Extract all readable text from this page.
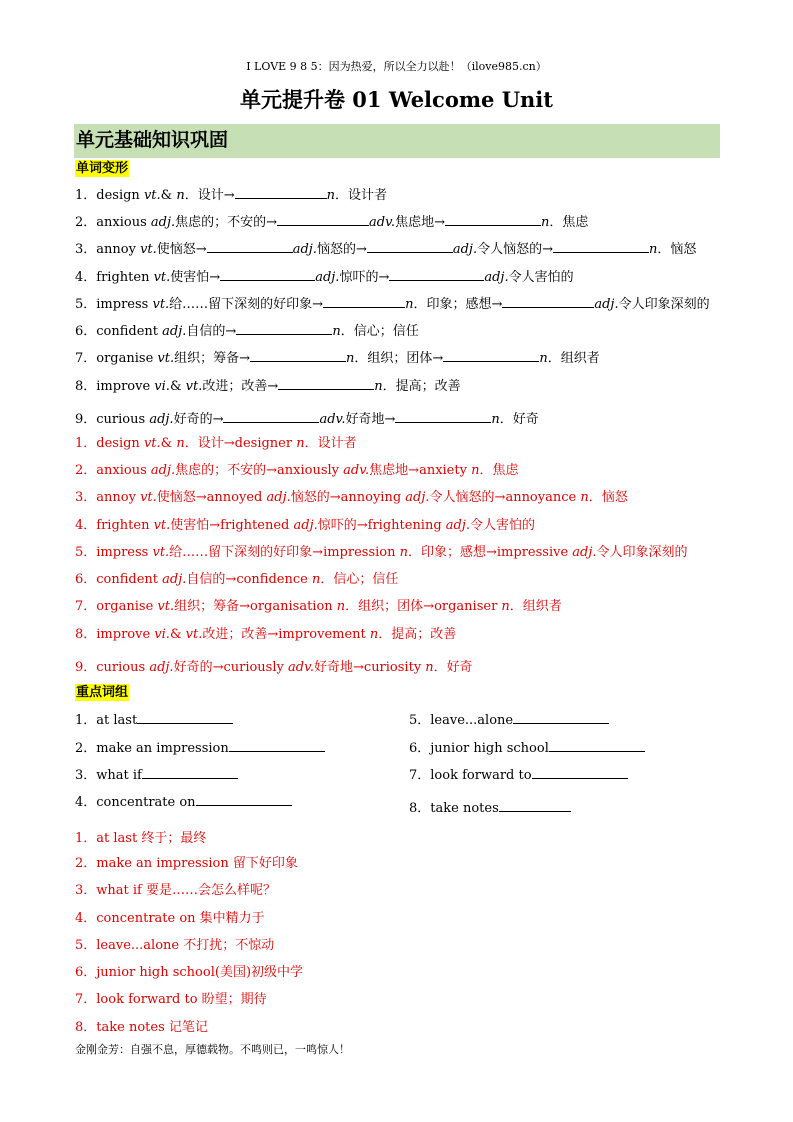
I LOVE 9 8 5：因为热爱，所以全力以赴！（ilove985.cn）
单元提升卷 01 Welcome Unit
单元基础知识巩固
单词变形
1．design vt.& n．设计→	n．设计者
2．anxious adj.焦虑的；不安的→	adv.焦虑地→	n．焦虑
3．annoy vt.使恼怒→	adj.恼怒的→	adj.令人恼怒的→	n．恼怒
4．frighten vt.使害怕→	adj.惊吓的→	adj.令人害怕的
5．impress vt.给……留下深刻的好印象→	n．印象；感想→	adj.令人印象深刻的
6．confident adj.自信的→	n．信心；信任
7．organise vt.组织；筹备→	n．组织；团体→	n．组织者
8．improve vi.& vt.改进；改善→	n．提高；改善
9．curious adj.好奇的→	adv.好奇地→	n．好奇
1．design vt.& n．设计→designer n．设计者
2．anxious adj.焦虑的；不安的→anxiously adv.焦虑地→anxiety n．焦虑
3．annoy vt.使恼怒→annoyed adj.恼怒的→annoying adj.令人恼怒的→annoyance n．恼怒
4．frighten vt.使害怕→frightened adj.惊吓的→frightening adj.令人害怕的
5．impress vt.给……留下深刻的好印象→impression n．印象；感想→impressive adj.令人印象深刻的
6．confident adj.自信的→confidence n．信心；信任
7．organise vt.组织；筹备→organisation n．组织；团体→organiser n．组织者
8．improve vi.& vt.改进；改善→improvement n．提高；改善
9．curious adj.好奇的→curiously adv.好奇地→curiosity n．好奇
重点词组
1．at last
2．make an impression
3．what if
4．concentrate on
5．leave...alone
6．junior high school
7．look forward to
8．take notes
1．at last 终于；最终
2．make an impression 留下好印象
3．what if 要是……会怎么样呢？
4．concentrate on 集中精力于
5．leave...alone 不打扰；不惊动
6．junior high school(美国)初级中学
7．look forward to 盼望；期待
8．take notes 记笔记
金刚金芳：自强不息，厚德载物。不鸣则已，一鸣惊人！
